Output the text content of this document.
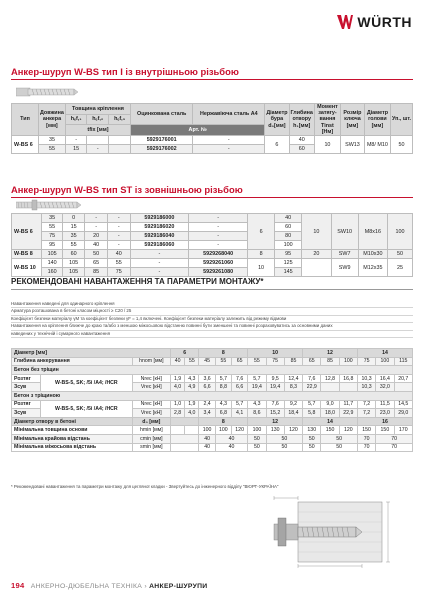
WÜRTH
Анкер-шуруп W-BS тип I із внутрішньою різьбою
Тип	Довжина анкера [мм]	Товщина кріплення			Оцинкована сталь	Нержавіюча сталь A4	Діаметр бура d₀[мм]	Глибина отвору h₁[мм]	Момент затягу-вання Tinst [Нм]	Розмір ключа [мм]	Діаметр голови [мм]	Уп., шт.
		hₑf,₁	hₑf,₂	hₑf,₃								
		tfix [мм]			Арт. №							
W-BS 6	35	-			5929176001	-	6	40	10	SW13	M8/ M10	50
	55	15	-		5929176002	-		60				
Анкер-шуруп W-BS тип ST із зовнішньою різьбою
W-BS 6	35	0	-	-	5929186000	-	6	40	10	SW10	M8x16	100
	55	15	-	-	5929186020	-		60				
	75	35	20	-	5929186040	-		80				
	95	55	40	-	5929186060	-		100				
W-BS 8	105	60	50	40	-	5929268040	8	95	20	SW7	M10x30	50
W-BS 10	140	105	65	55	-	5929261060	10	125		SW9	M12x35	25
	160	105	85	75	-	5929261080		145				
РЕКОМЕНДОВАНІ НАВАНТАЖЕННЯ ТА ПАРАМЕТРИ МОНТАЖУ*
Навантаження наведені для одинарного кріплення
Арматура розташована в бетоні класом міцності ≥ C20 / 25
Коефіцієнт безпеки матеріалу γM та коефіцієнт безпеки γF = 1,4 включені. Коефіцієнт безпеки матеріалу залежить від режиму відмови
Навантаження на кріплення ближче до краю та/або з меншою міжосьовою відстанню повинні бути зменшені та повинні розраховуватись за основними даних
наведених у технічній і сумарного навантаження
Діаметр [мм]			6		8			10			12			14		
Глибина анкерування		hnom [мм]	40	55	45	55	65	55	75	85	65	85	100	75	100	115
Бетон без тріщин																
Розтяг	W-BS-5, SK; /5i /A4; /HCR	Nrec [кН]	1,9	4,3	3,6	5,7	7,6	5,7	9,5	12,4	7,6	12,8	16,8	10,3	16,4	20,7
Зсув		Vrec [кН]	4,0	4,9	6,6	8,8	6,6	19,4	19,4	8,3	22,9			10,3	32,0	
Бетон з тріщиною																
Розтяг	W-BS-5, SK; /5i /A4; /HCR	Nrec [кН]	1,0	1,9	2,4	4,3	5,7	4,3	7,6	9,2	5,7	9,0	11,7	7,2	11,5	14,5
Зсув		Vrec [кН]	2,8	4,0	3,4	6,8	4,1	8,6	15,2	18,4	5,8	18,0	22,9	7,2	23,0	29,0
Діаметр отвору в бетоні		d₀ [мм]			8			12			14			16		
Мінімальна товщина основи		hmin [мм]			100	100	120	100	130	120	130	150	120	150	150	170
Мінімальна крайова відстань		cmin [мм]			40	40		50	50		50	50		70	70	
Мінімальна міжосьова відстань		smin [мм]			40	40		50	50		50	50		70	70	
* Рекомендовані навантаження та параметри монтажу для цегляної кладки - Звертуйтесь до інженерного відділу "ВЮРТ-УКРАЇНА"
194 АНКЕРНО-ДЮБЕЛЬНА ТЕХНІКА › АНКЕР-ШУРУПИ
